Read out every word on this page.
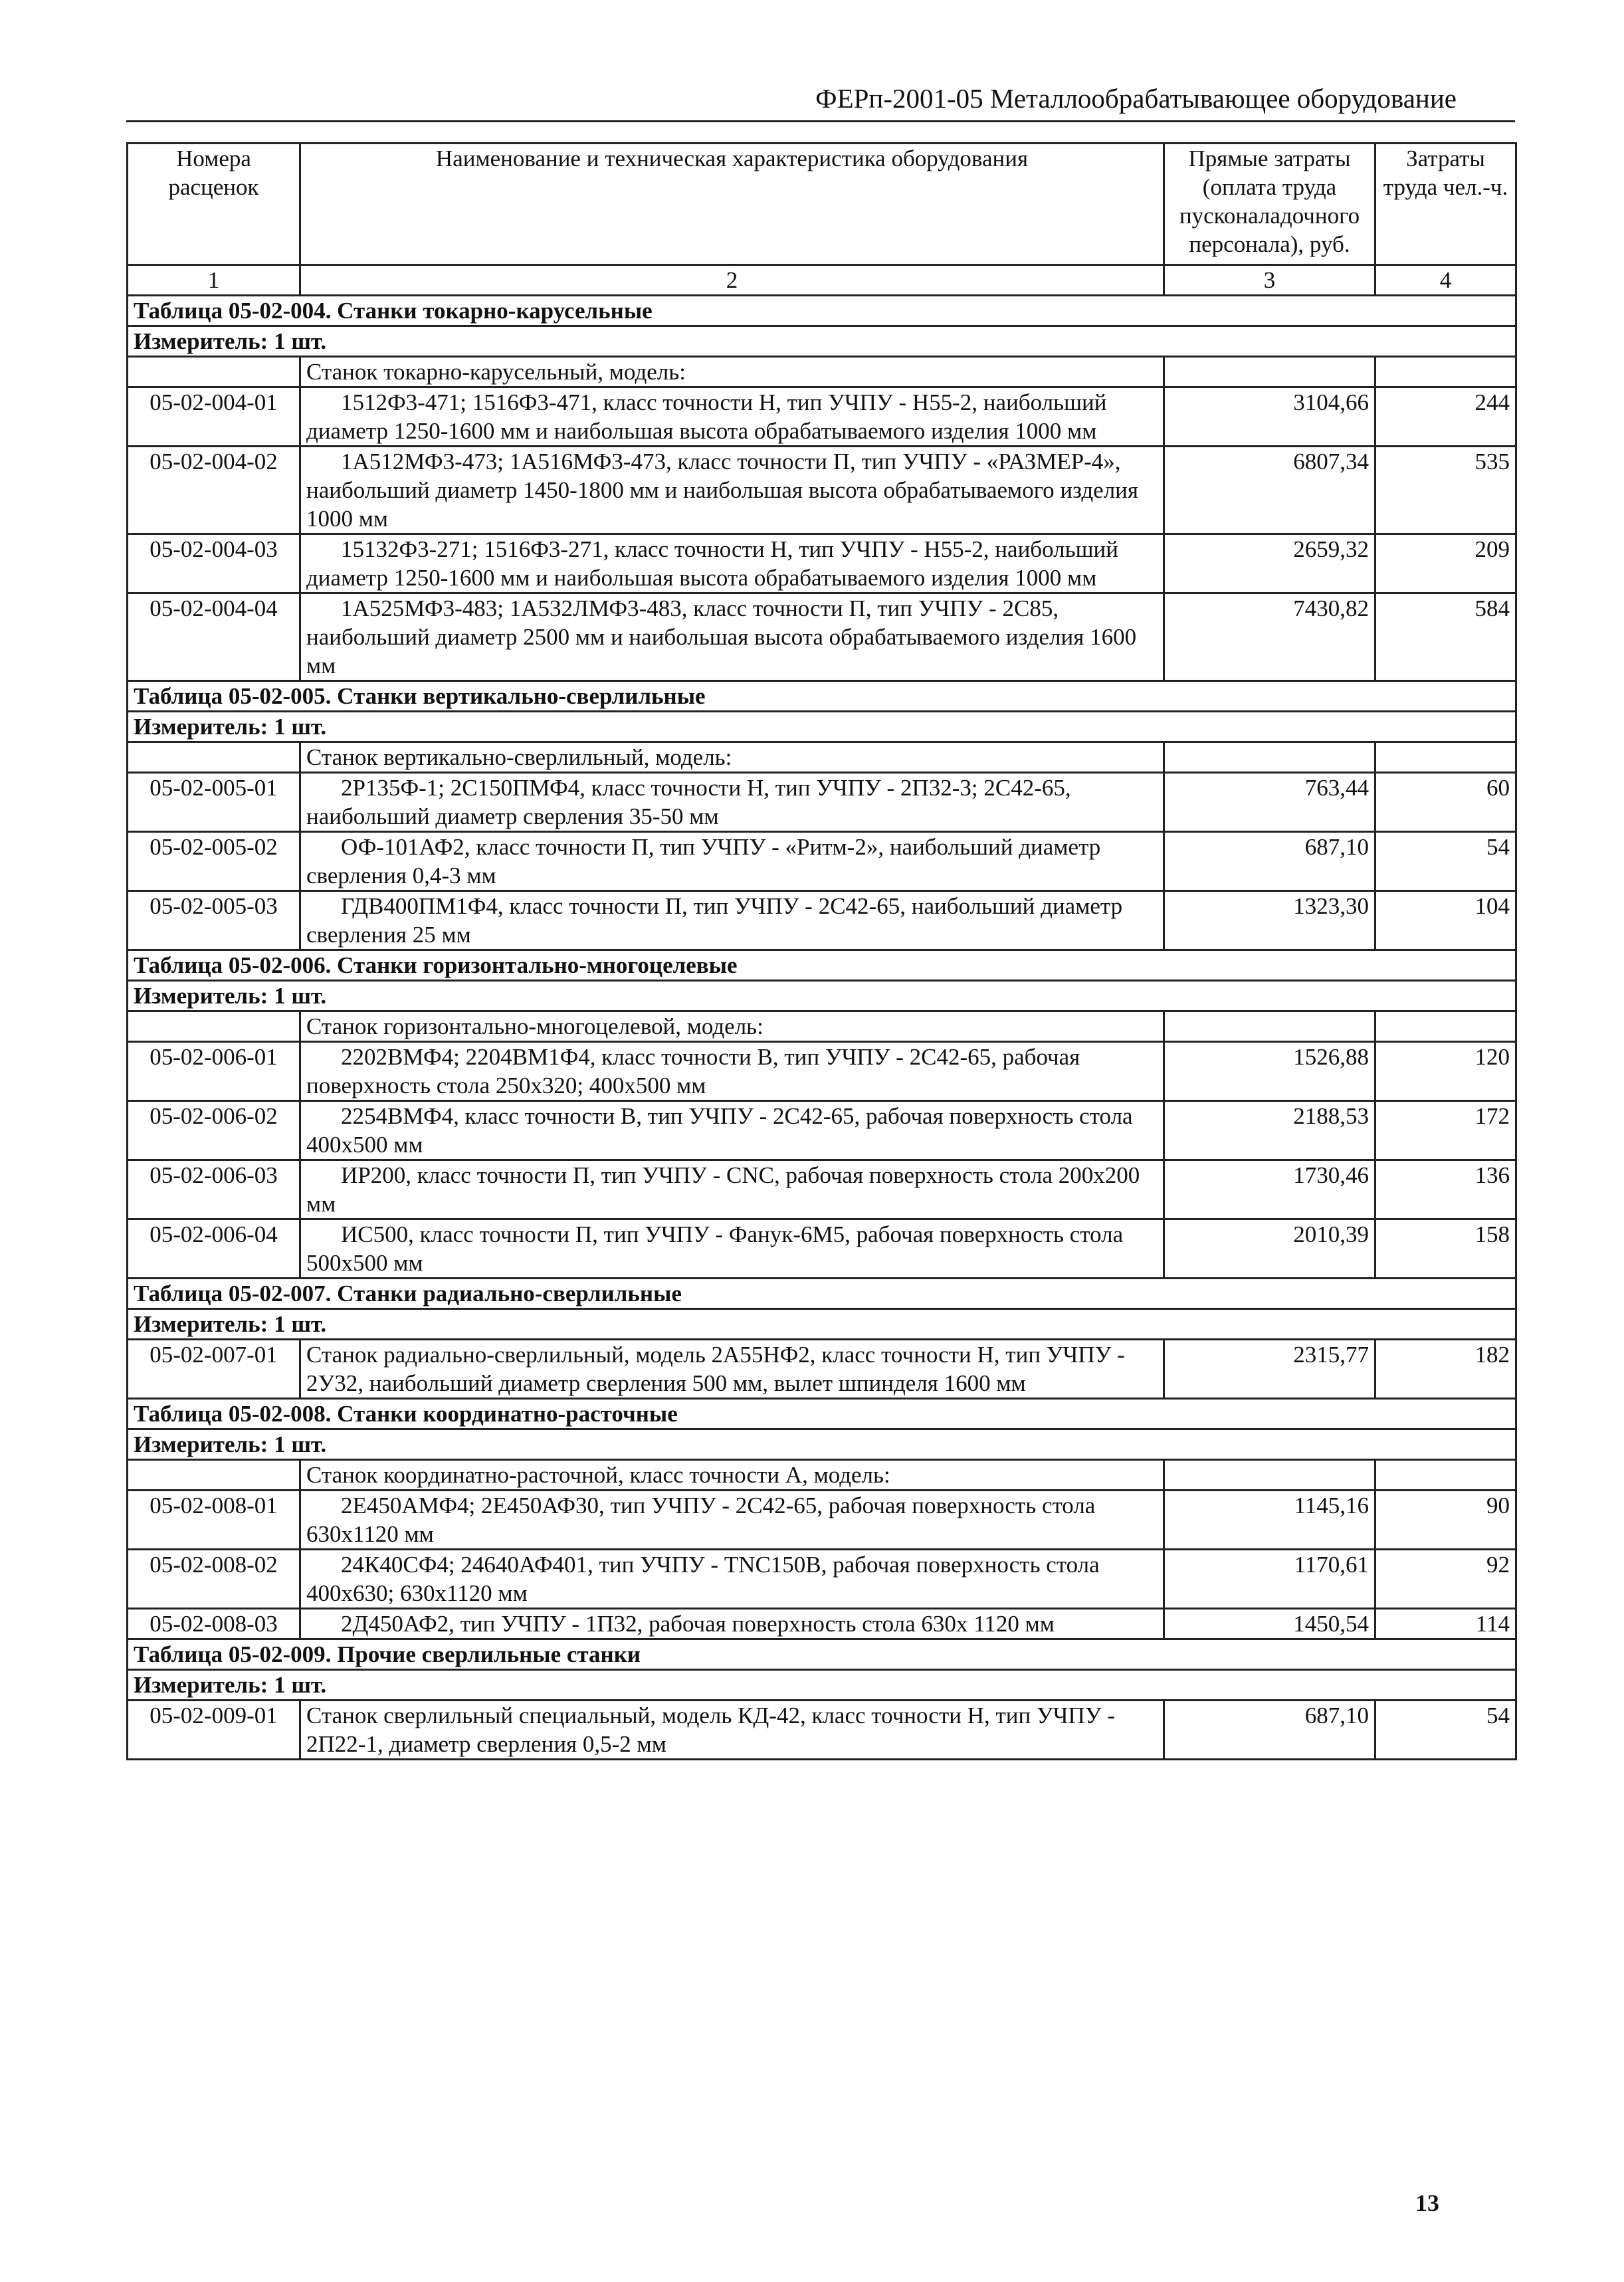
ФЕРп-2001-05 Металлообрабатывающее оборудование
Номера расценок	Наименование и техническая характеристика оборудования	Прямые затраты (оплата труда пусконаладочного персонала), руб.	Затраты труда чел.-ч.
1	2	3	4
Таблица 05-02-004. Станки токарно-карусельные			
Измеритель: 1 шт.			
	Станок токарно-карусельный, модель:		
05-02-004-01	1512Ф3-471; 1516Ф3-471, класс точности Н, тип УЧПУ - Н55-2, наибольший диаметр 1250-1600 мм и наибольшая высота обрабатываемого изделия 1000 мм	3104,66	244
05-02-004-02	1А512МФ3-473; 1А516МФ3-473, класс точности П, тип УЧПУ - «РАЗМЕР-4», наибольший диаметр 1450-1800 мм и наибольшая высота обрабатываемого изделия 1000 мм	6807,34	535
05-02-004-03	15132Ф3-271; 1516Ф3-271, класс точности Н, тип УЧПУ - Н55-2, наибольший диаметр 1250-1600 мм и наибольшая высота обрабатываемого изделия 1000 мм	2659,32	209
05-02-004-04	1А525МФ3-483; 1А532ЛМФ3-483, класс точности П, тип УЧПУ - 2С85, наибольший диаметр 2500 мм и наибольшая высота обрабатываемого изделия 1600 мм	7430,82	584
Таблица 05-02-005. Станки вертикально-сверлильные			
Измеритель: 1 шт.			
	Станок вертикально-сверлильный, модель:		
05-02-005-01	2Р135Ф-1; 2С150ПМФ4, класс точности Н, тип УЧПУ - 2П32-3; 2С42-65, наибольший диаметр сверления 35-50 мм	763,44	60
05-02-005-02	ОФ-101АФ2, класс точности П, тип УЧПУ - «Ритм-2», наибольший диаметр сверления 0,4-3 мм	687,10	54
05-02-005-03	ГДВ400ПМ1Ф4, класс точности П, тип УЧПУ - 2С42-65, наибольший диаметр сверления 25 мм	1323,30	104
Таблица 05-02-006. Станки горизонтально-многоцелевые			
Измеритель: 1 шт.			
	Станок горизонтально-многоцелевой, модель:		
05-02-006-01	2202ВМФ4; 2204ВМ1Ф4, класс точности В, тип УЧПУ - 2С42-65, рабочая поверхность стола 250х320; 400х500 мм	1526,88	120
05-02-006-02	2254ВМФ4, класс точности В, тип УЧПУ - 2С42-65, рабочая поверхность стола 400х500 мм	2188,53	172
05-02-006-03	ИР200, класс точности П, тип УЧПУ - CNC, рабочая поверхность стола 200х200 мм	1730,46	136
05-02-006-04	ИС500, класс точности П, тип УЧПУ - Фанук-6М5, рабочая поверхность стола 500х500 мм	2010,39	158
Таблица 05-02-007. Станки радиально-сверлильные			
Измеритель: 1 шт.			
05-02-007-01	Станок радиально-сверлильный, модель 2А55НФ2, класс точности Н, тип УЧПУ - 2У32, наибольший диаметр сверления 500 мм, вылет шпинделя 1600 мм	2315,77	182
Таблица 05-02-008. Станки координатно-расточные			
Измеритель: 1 шт.			
	Станок координатно-расточной, класс точности А, модель:		
05-02-008-01	2Е450АМФ4; 2Е450АФ30, тип УЧПУ - 2С42-65, рабочая поверхность стола 630х1120 мм	1145,16	90
05-02-008-02	24К40СФ4; 24640АФ401, тип УЧПУ - TNC150B, рабочая поверхность стола 400х630; 630х1120 мм	1170,61	92
05-02-008-03	2Д450АФ2, тип УЧПУ - 1П32, рабочая поверхность стола 630х 1120 мм	1450,54	114
Таблица 05-02-009. Прочие сверлильные станки			
Измеритель: 1 шт.			
05-02-009-01	Станок сверлильный специальный, модель КД-42, класс точности Н, тип УЧПУ - 2П22-1, диаметр сверления 0,5-2 мм	687,10	54
13
